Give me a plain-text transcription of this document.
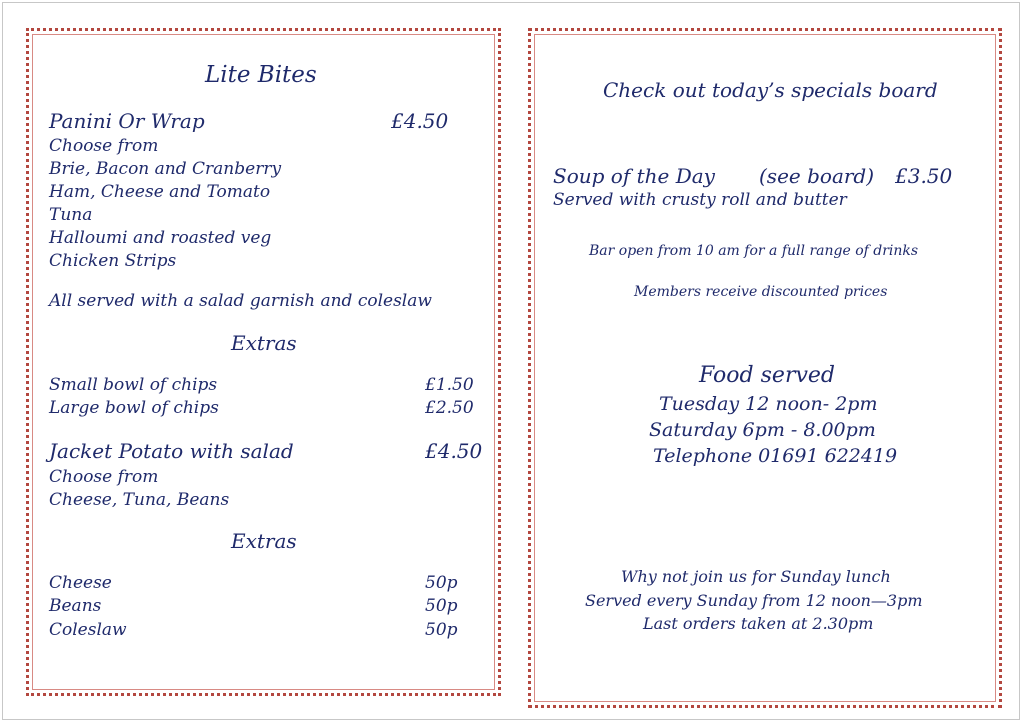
Lite Bites
Panini Or Wrap	£4.50
Choose from
Brie, Bacon and Cranberry
Ham, Cheese and Tomato
Tuna
Halloumi and roasted veg
Chicken Strips
All served with a salad garnish and coleslaw
Extras
Small bowl of chips	£1.50
Large bowl of chips	£2.50
Jacket Potato with salad	£4.50
Choose from
Cheese, Tuna, Beans
Extras
Cheese	50p
Beans	50p
Coleslaw	50p
Check out today’s specials board
Soup of the Day (see board) £3.50
Served with crusty roll and butter
Bar open from 10 am for a full range of drinks
Members receive discounted prices
Food served
Tuesday 12 noon- 2pm
Saturday 6pm - 8.00pm
Telephone 01691 622419
Why not join us for Sunday lunch
Served every Sunday from 12 noon—3pm
Last orders taken at 2.30pm
